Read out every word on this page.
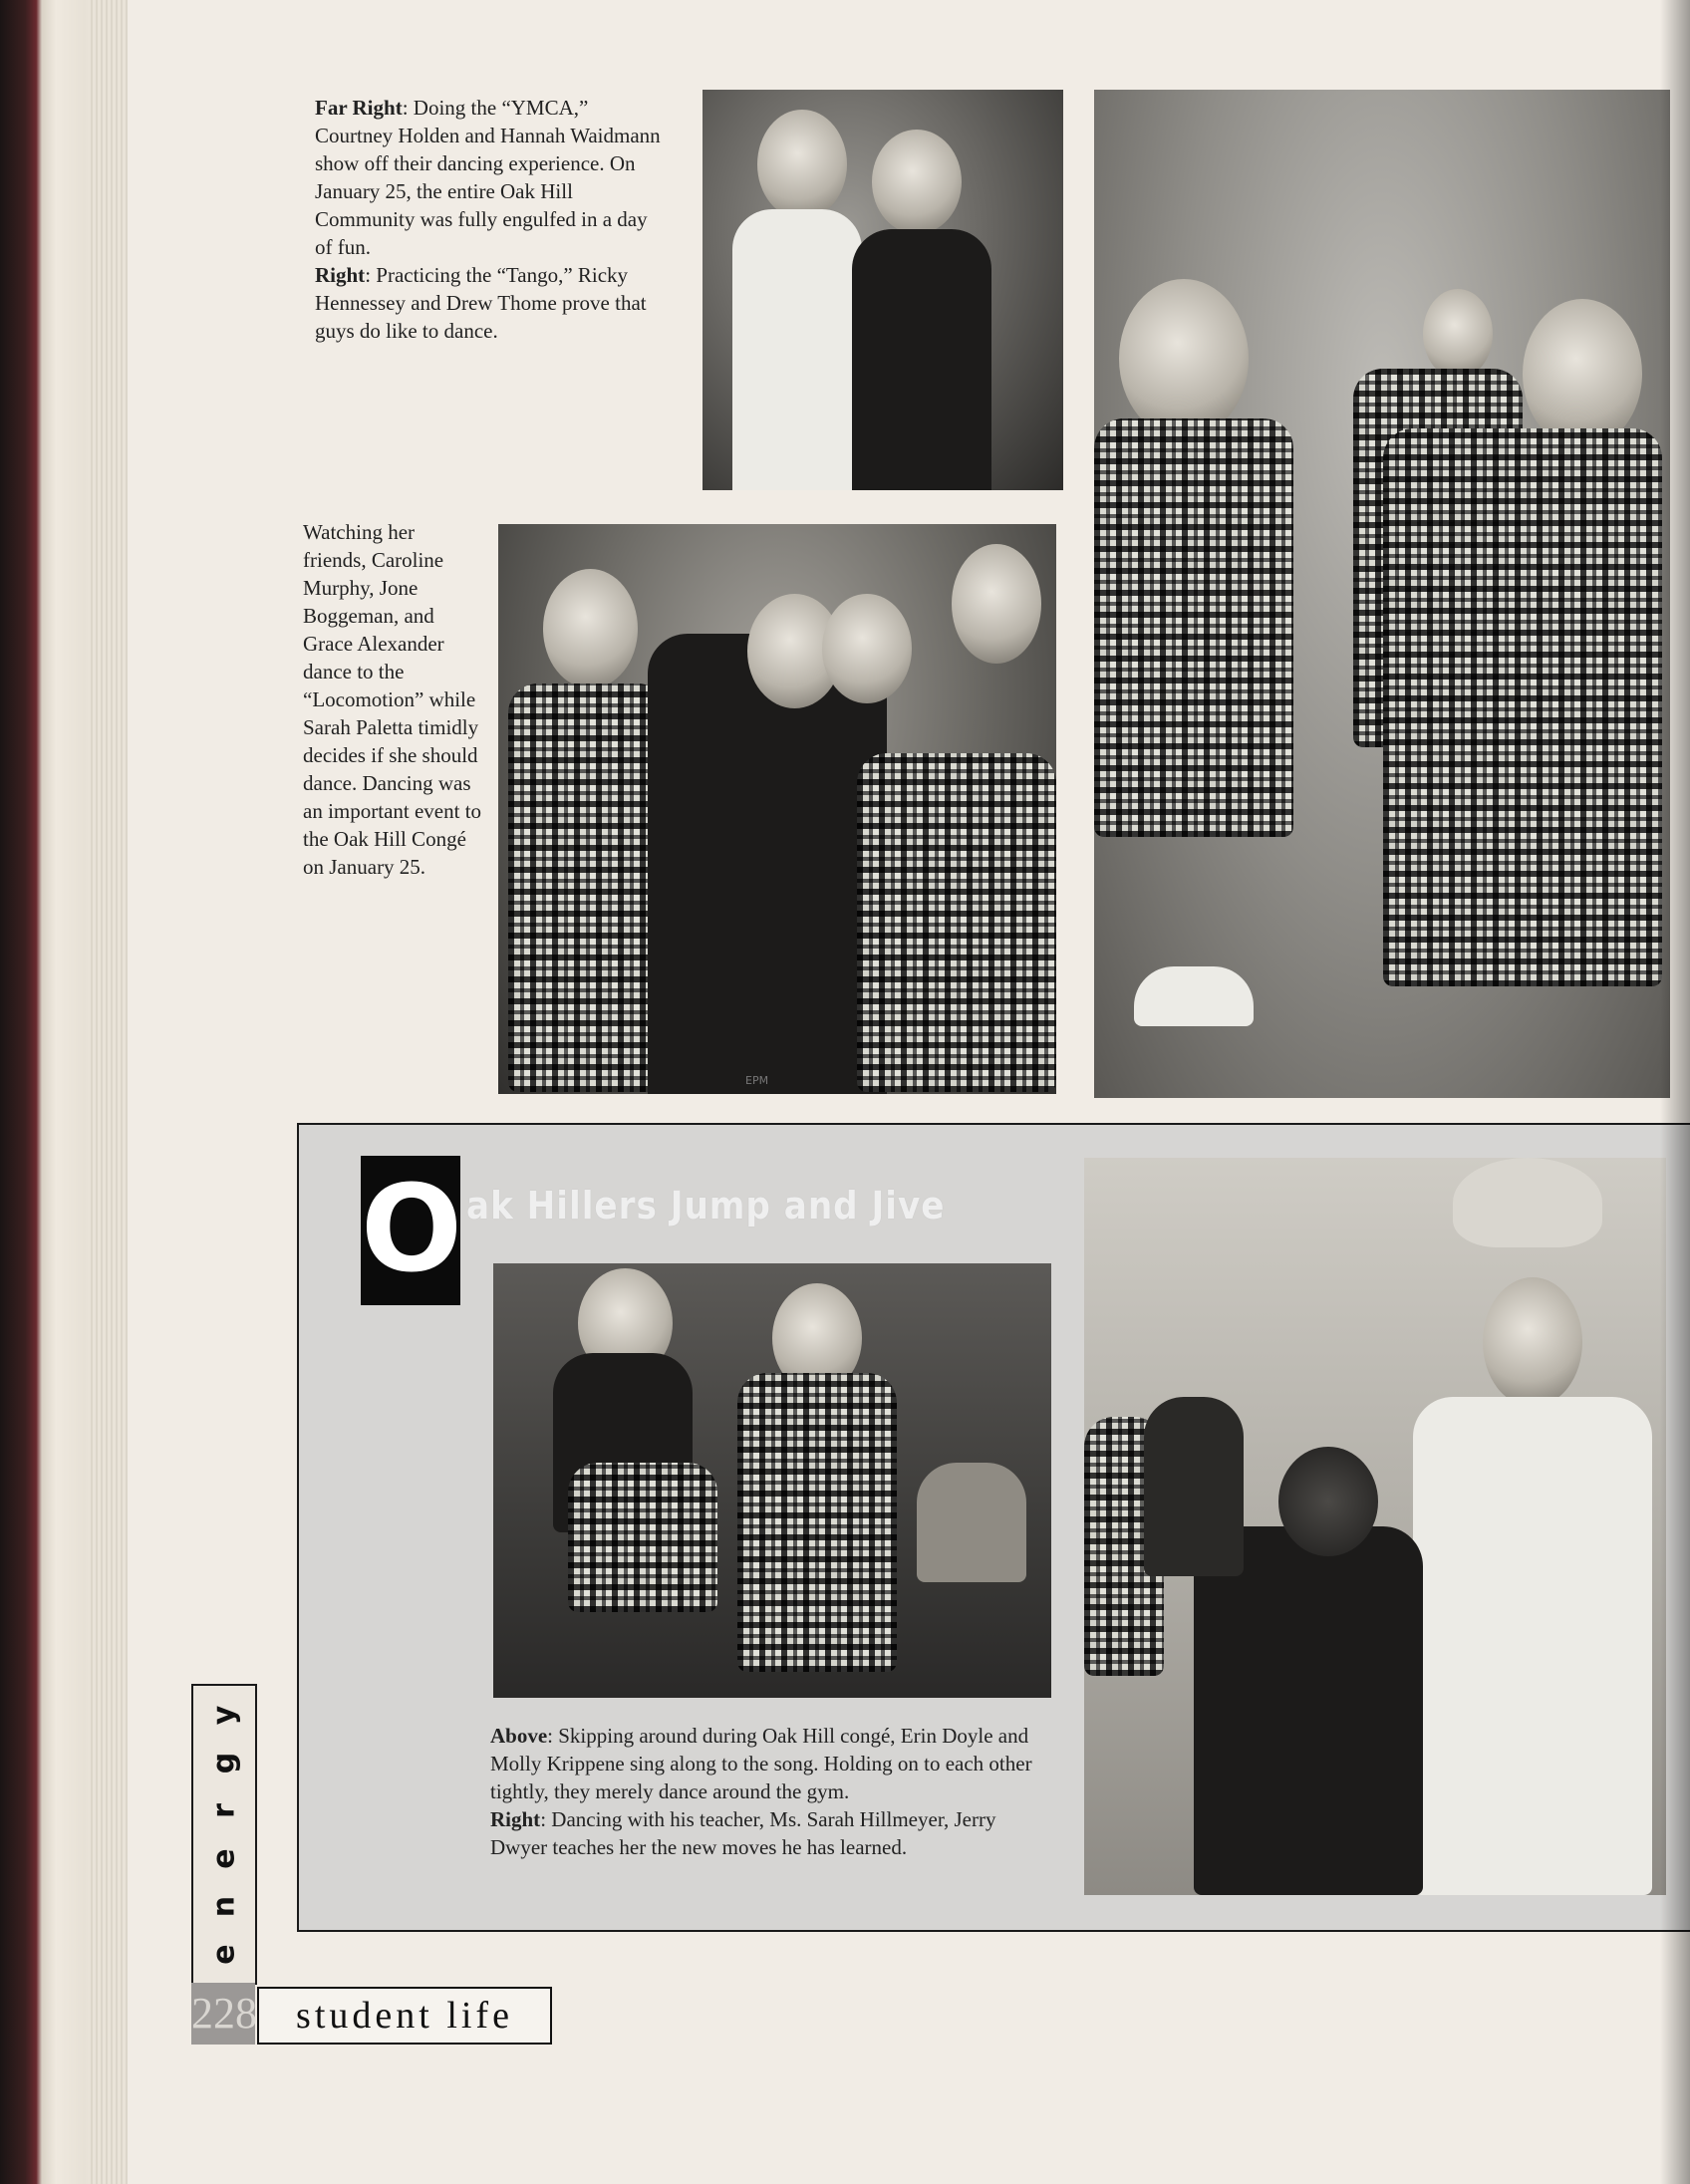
Far Right: Doing the “YMCA,” Courtney Holden and Hannah Waidmann show off their dancing experience. On January 25, the entire Oak Hill Community was fully engulfed in a day of fun.
Right: Practicing the “Tango,” Ricky Hennessey and Drew Thome prove that guys do like to dance.
Watching her friends, Caroline Murphy, Jone Boggeman, and Grace Alexander dance to the “Locomotion” while Sarah Paletta timidly decides if she should dance. Dancing was an important event to the Oak Hill Congé on January 25.
EPM
O ak Hillers Jump and Jive
Above: Skipping around during Oak Hill congé, Erin Doyle and Molly Krippene sing along to the song. Holding on to each other tightly, they merely dance around the gym.
Right: Dancing with his teacher, Ms. Sarah Hillmeyer, Jerry Dwyer teaches her the new moves he has learned.
e
n
e
r
g
y
228	student life
